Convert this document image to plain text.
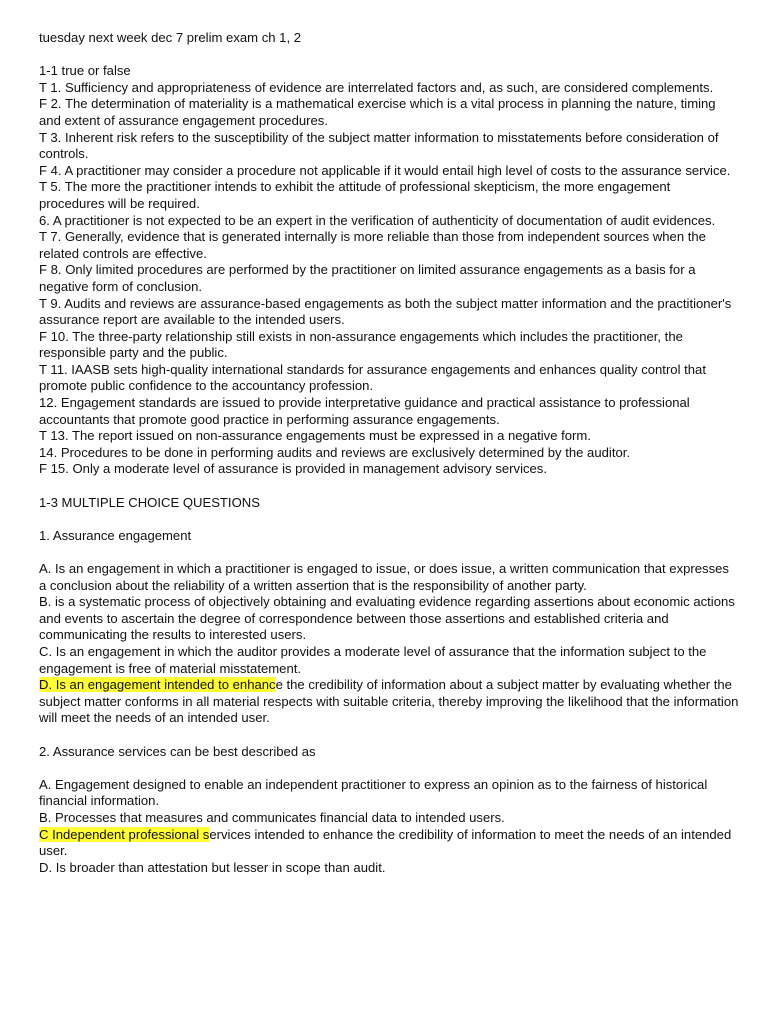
tuesday next week dec 7 prelim exam ch 1, 2
1-1 true or false
T 1. Sufficiency and appropriateness of evidence are interrelated factors and, as such, are considered complements.
F 2. The determination of materiality is a mathematical exercise which is a vital process in planning the nature, timing and extent of assurance engagement procedures.
T 3. Inherent risk refers to the susceptibility of the subject matter information to misstatements before consideration of controls.
F 4. A practitioner may consider a procedure not applicable if it would entail high level of costs to the assurance service.
T 5. The more the practitioner intends to exhibit the attitude of professional skepticism, the more engagement procedures will be required.
6. A practitioner is not expected to be an expert in the verification of authenticity of documentation of audit evidences.
T 7. Generally, evidence that is generated internally is more reliable than those from independent sources when the related controls are effective.
F 8. Only limited procedures are performed by the practitioner on limited assurance engagements as a basis for a negative form of conclusion.
T 9. Audits and reviews are assurance-based engagements as both the subject matter information and the practitioner's assurance report are available to the intended users.
F 10. The three-party relationship still exists in non-assurance engagements which includes the practitioner, the responsible party and the public.
T 11. IAASB sets high-quality international standards for assurance engagements and enhances quality control that promote public confidence to the accountancy profession.
12. Engagement standards are issued to provide interpretative guidance and practical assistance to professional accountants that promote good practice in performing assurance engagements.
T 13. The report issued on non-assurance engagements must be expressed in a negative form.
14. Procedures to be done in performing audits and reviews are exclusively determined by the auditor.
F 15. Only a moderate level of assurance is provided in management advisory services.
1-3 MULTIPLE CHOICE QUESTIONS
1. Assurance engagement
A. Is an engagement in which a practitioner is engaged to issue, or does issue, a written communication that expresses a conclusion about the reliability of a written assertion that is the responsibility of another party.
B. is a systematic process of objectively obtaining and evaluating evidence regarding assertions about economic actions and events to ascertain the degree of correspondence between those assertions and established criteria and communicating the results to interested users.
C. Is an engagement in which the auditor provides a moderate level of assurance that the information subject to the engagement is free of material misstatement.
D. Is an engagement intended to enhance the credibility of information about a subject matter by evaluating whether the subject matter conforms in all material respects with suitable criteria, thereby improving the likelihood that the information will meet the needs of an intended user.
2. Assurance services can be best described as
A. Engagement designed to enable an independent practitioner to express an opinion as to the fairness of historical financial information.
B. Processes that measures and communicates financial data to intended users.
C Independent professional services intended to enhance the credibility of information to meet the needs of an intended user.
D. Is broader than attestation but lesser in scope than audit.
